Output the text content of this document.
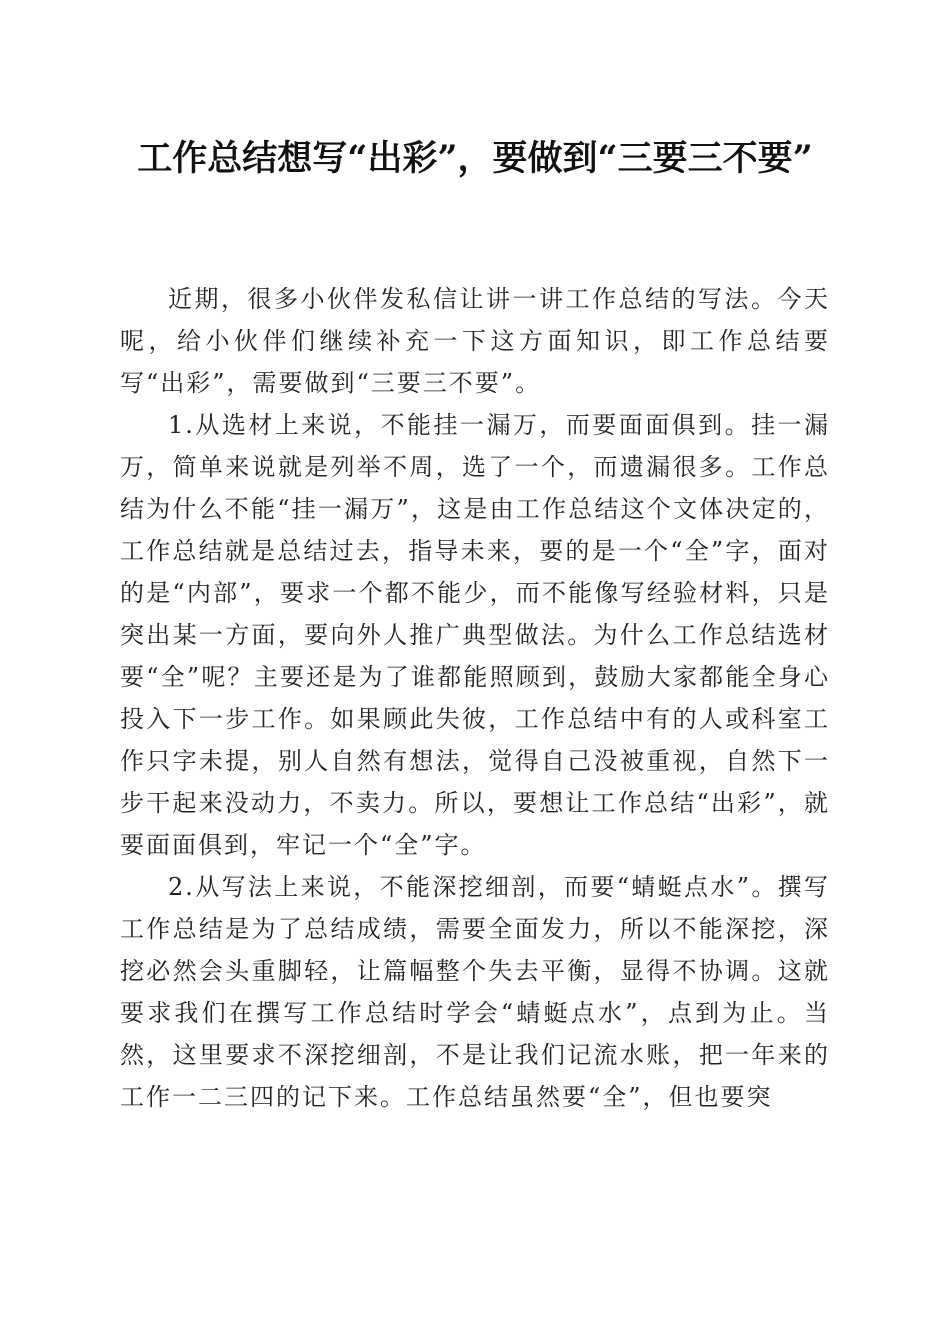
工作总结想写“出彩”，要做到“三要三不要”

近期，很多小伙伴发私信让讲一讲工作总结的写法。今天呢，给小伙伴们继续补充一下这方面知识，即工作总结要写“出彩”，需要做到“三要三不要”。

1.从选材上来说，不能挂一漏万，而要面面俱到。挂一漏万，简单来说就是列举不周，选了一个，而遗漏很多。工作总结为什么不能“挂一漏万”，这是由工作总结这个文体决定的，工作总结就是总结过去，指导未来，要的是一个“全”字，面对的是“内部”，要求一个都不能少，而不能像写经验材料，只是突出某一方面，要向外人推广典型做法。为什么工作总结选材要“全”呢？主要还是为了谁都能照顾到，鼓励大家都能全身心投入下一步工作。如果顾此失彼，工作总结中有的人或科室工作只字未提，别人自然有想法，觉得自己没被重视，自然下一步干起来没动力，不卖力。所以，要想让工作总结“出彩”，就要面面俱到，牢记一个“全”字。

2.从写法上来说，不能深挖细剖，而要“蜻蜓点水”。撰写工作总结是为了总结成绩，需要全面发力，所以不能深挖，深挖必然会头重脚轻，让篇幅整个失去平衡，显得不协调。这就要求我们在撰写工作总结时学会“蜻蜓点水”，点到为止。当然，这里要求不深挖细剖，不是让我们记流水账，把一年来的工作一二三四的记下来。工作总结虽然要“全”，但也要突
